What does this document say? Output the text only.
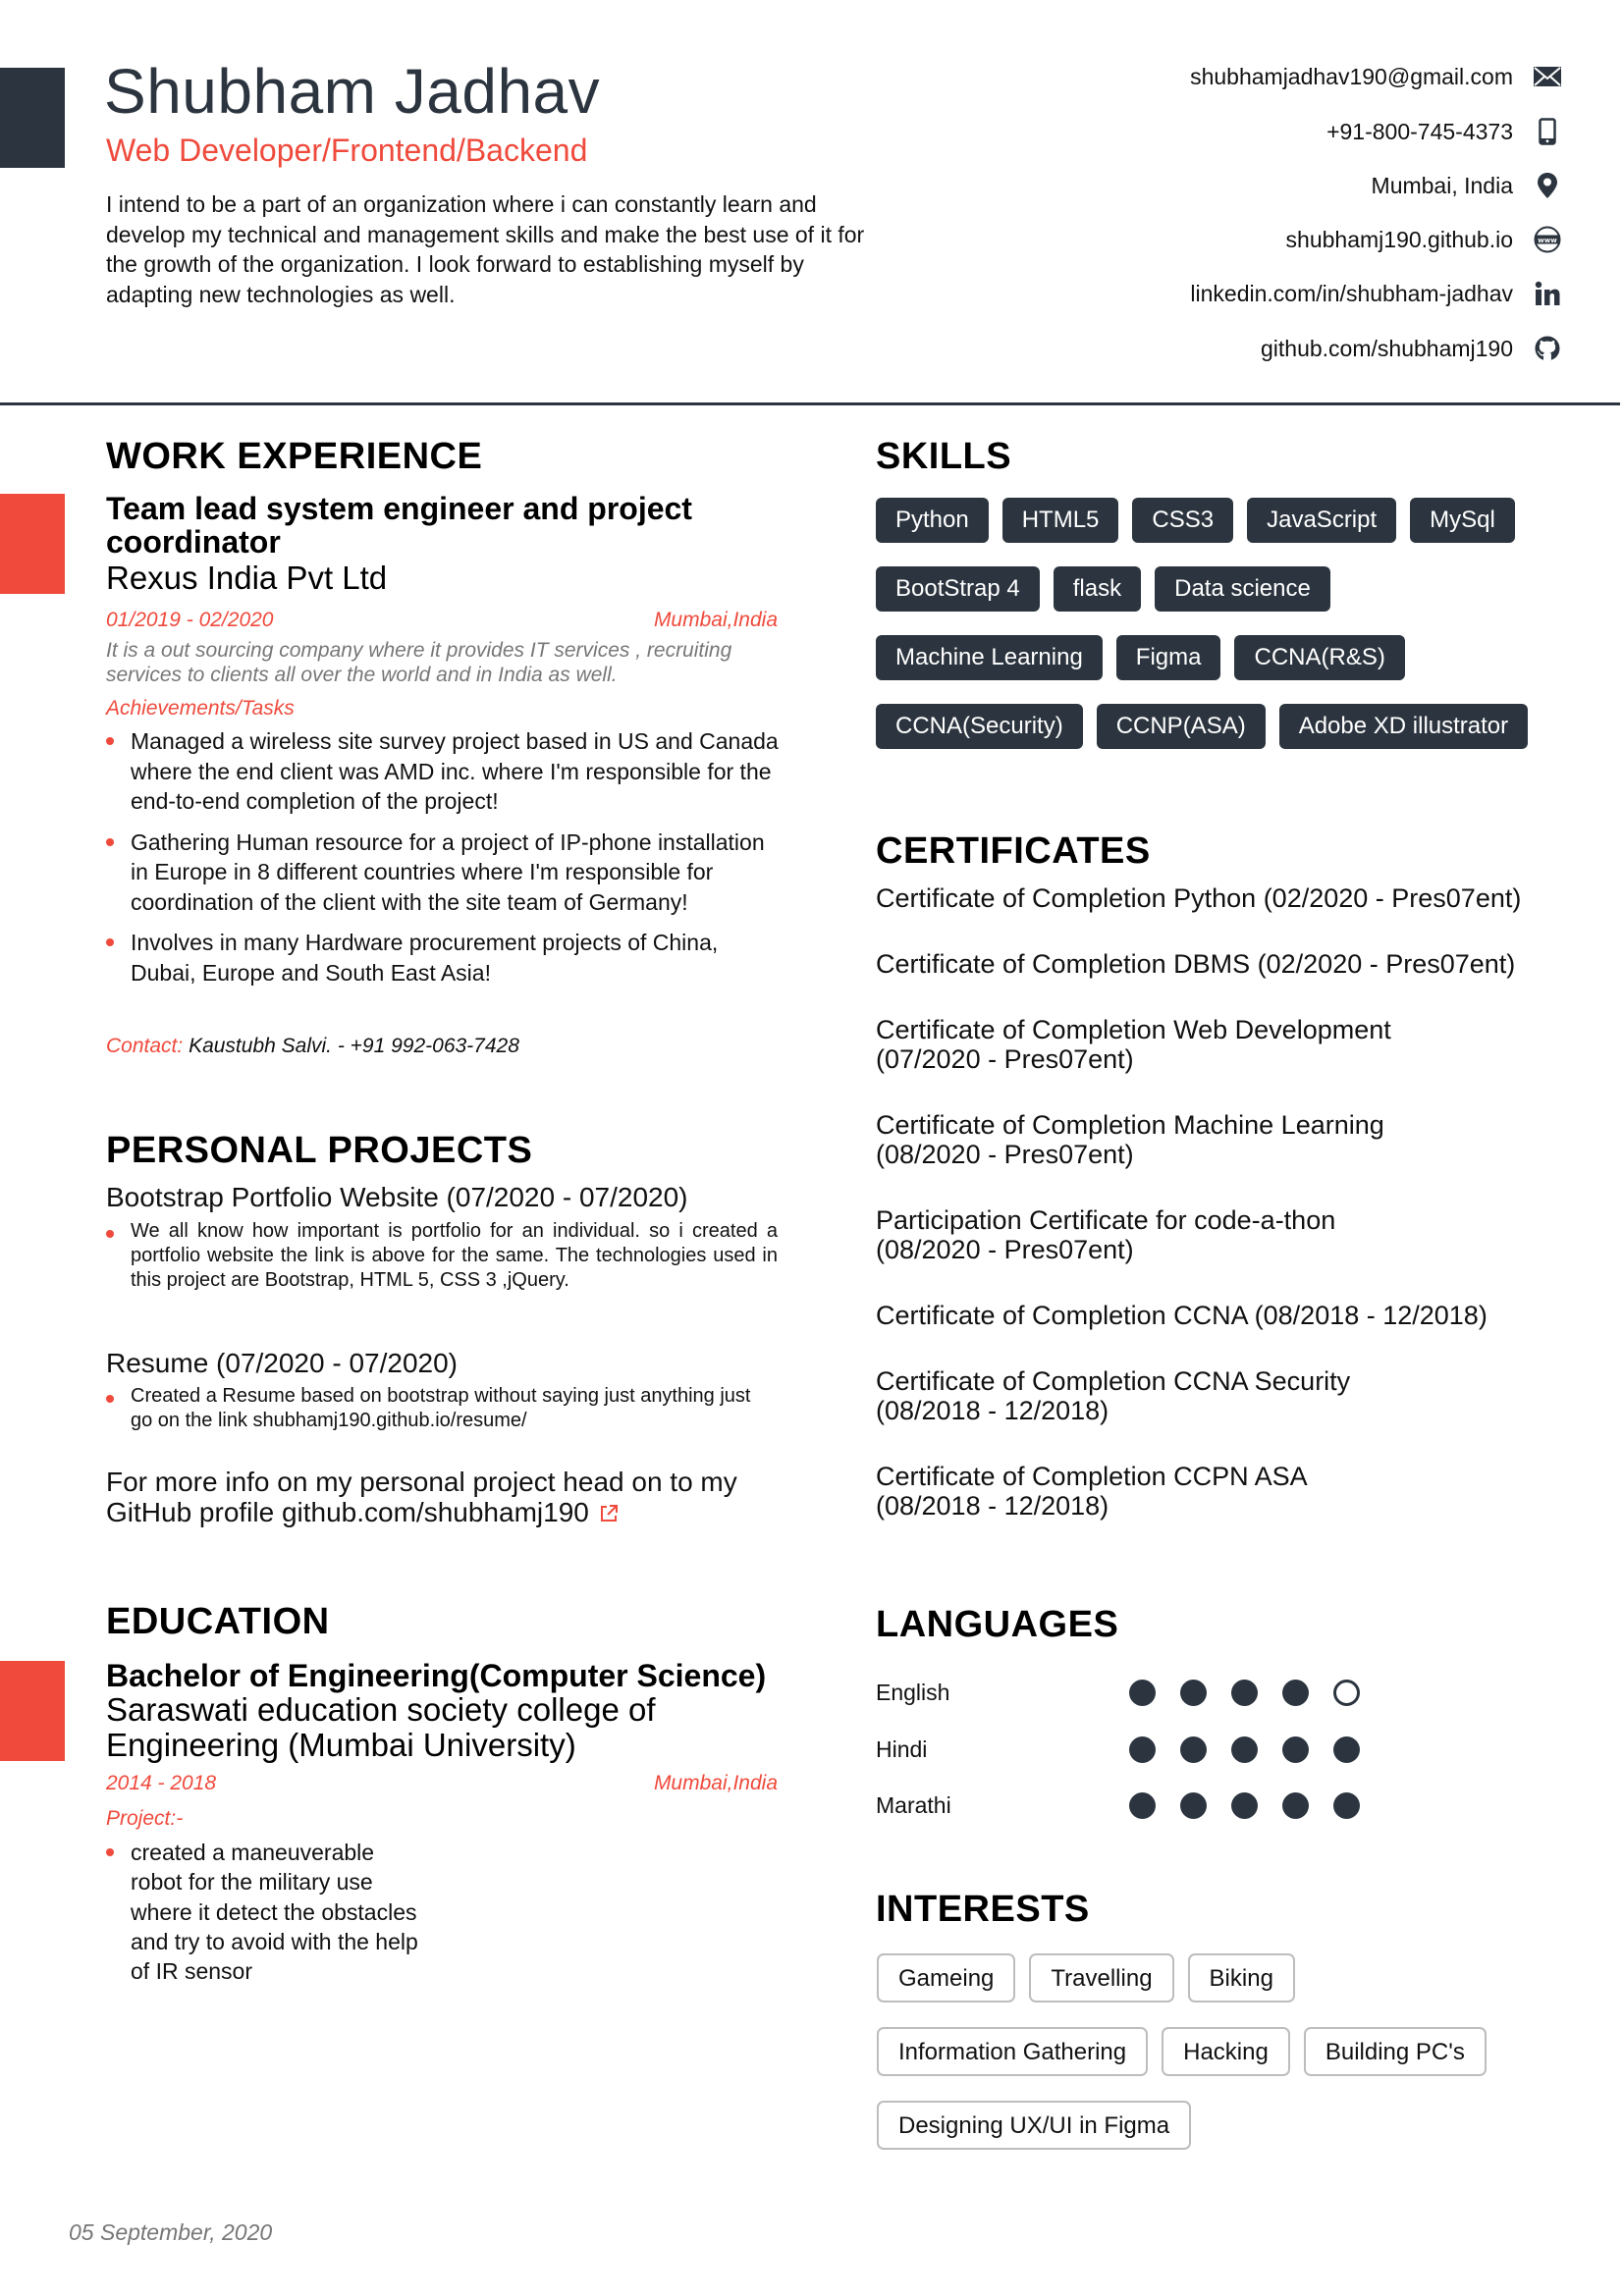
Shubham Jadhav
Web Developer/Frontend/Backend
I intend to be a part of an organization where i can constantly learn and develop my technical and management skills and make the best use of it for the growth of the organization. I look forward to establishing myself by adapting new technologies as well.
shubhamjadhav190@gmail.com
+91-800-745-4373
Mumbai, India
shubhamj190.github.io	www
linkedin.com/in/shubham-jadhav
github.com/shubhamj190
WORK EXPERIENCE
Team lead system engineer and project coordinator
Rexus India Pvt Ltd
01/2019 - 02/2020	Mumbai,India
It is a out sourcing company where it provides IT services , recruiting services to clients all over the world and in India as well.
Achievements/Tasks
Managed a wireless site survey project based in US and Canada where the end client was AMD inc. where I'm responsible for the end-to-end completion of the project!
Gathering Human resource for a project of IP-phone installation in Europe in 8 different countries where I'm responsible for coordination of the client with the site team of Germany!
Involves in many Hardware procurement projects of China, Dubai, Europe and South East Asia!
Contact: Kaustubh Salvi. - +91 992-063-7428
PERSONAL PROJECTS
Bootstrap Portfolio Website (07/2020 - 07/2020)
We all know how important is portfolio for an individual. so i created a portfolio website the link is above for the same. The technologies used in this project are Bootstrap, HTML 5, CSS 3 ,jQuery.
Resume (07/2020 - 07/2020)
Created a Resume based on bootstrap without saying just anything just go on the link shubhamj190.github.io/resume/
For more info on my personal project head on to my GitHub profile github.com/shubhamj190
EDUCATION
Bachelor of Engineering(Computer Science)
Saraswati education society college of Engineering (Mumbai University)
2014 - 2018	Mumbai,India
Project:-
created a maneuverable robot for the military use where it detect the obstacles and try to avoid with the help of IR sensor
SKILLS
Python	HTML5	CSS3	JavaScript	MySql
BootStrap 4	flask	Data science
Machine Learning	Figma	CCNA(R&S)
CCNA(Security)	CCNP(ASA)	Adobe XD illustrator
CERTIFICATES
Certificate of Completion Python (02/2020 - Pres07ent)
Certificate of Completion DBMS (02/2020 - Pres07ent)
Certificate of Completion Web Development
(07/2020 - Pres07ent)
Certificate of Completion Machine Learning
(08/2020 - Pres07ent)
Participation Certificate for code-a-thon
(08/2020 - Pres07ent)
Certificate of Completion CCNA (08/2018 - 12/2018)
Certificate of Completion CCNA Security
(08/2018 - 12/2018)
Certificate of Completion CCPN ASA
(08/2018 - 12/2018)
LANGUAGES
English
Hindi
Marathi
INTERESTS
Gameing	Travelling	Biking
Information Gathering	Hacking	Building PC's
Designing UX/UI in Figma
05 September, 2020
